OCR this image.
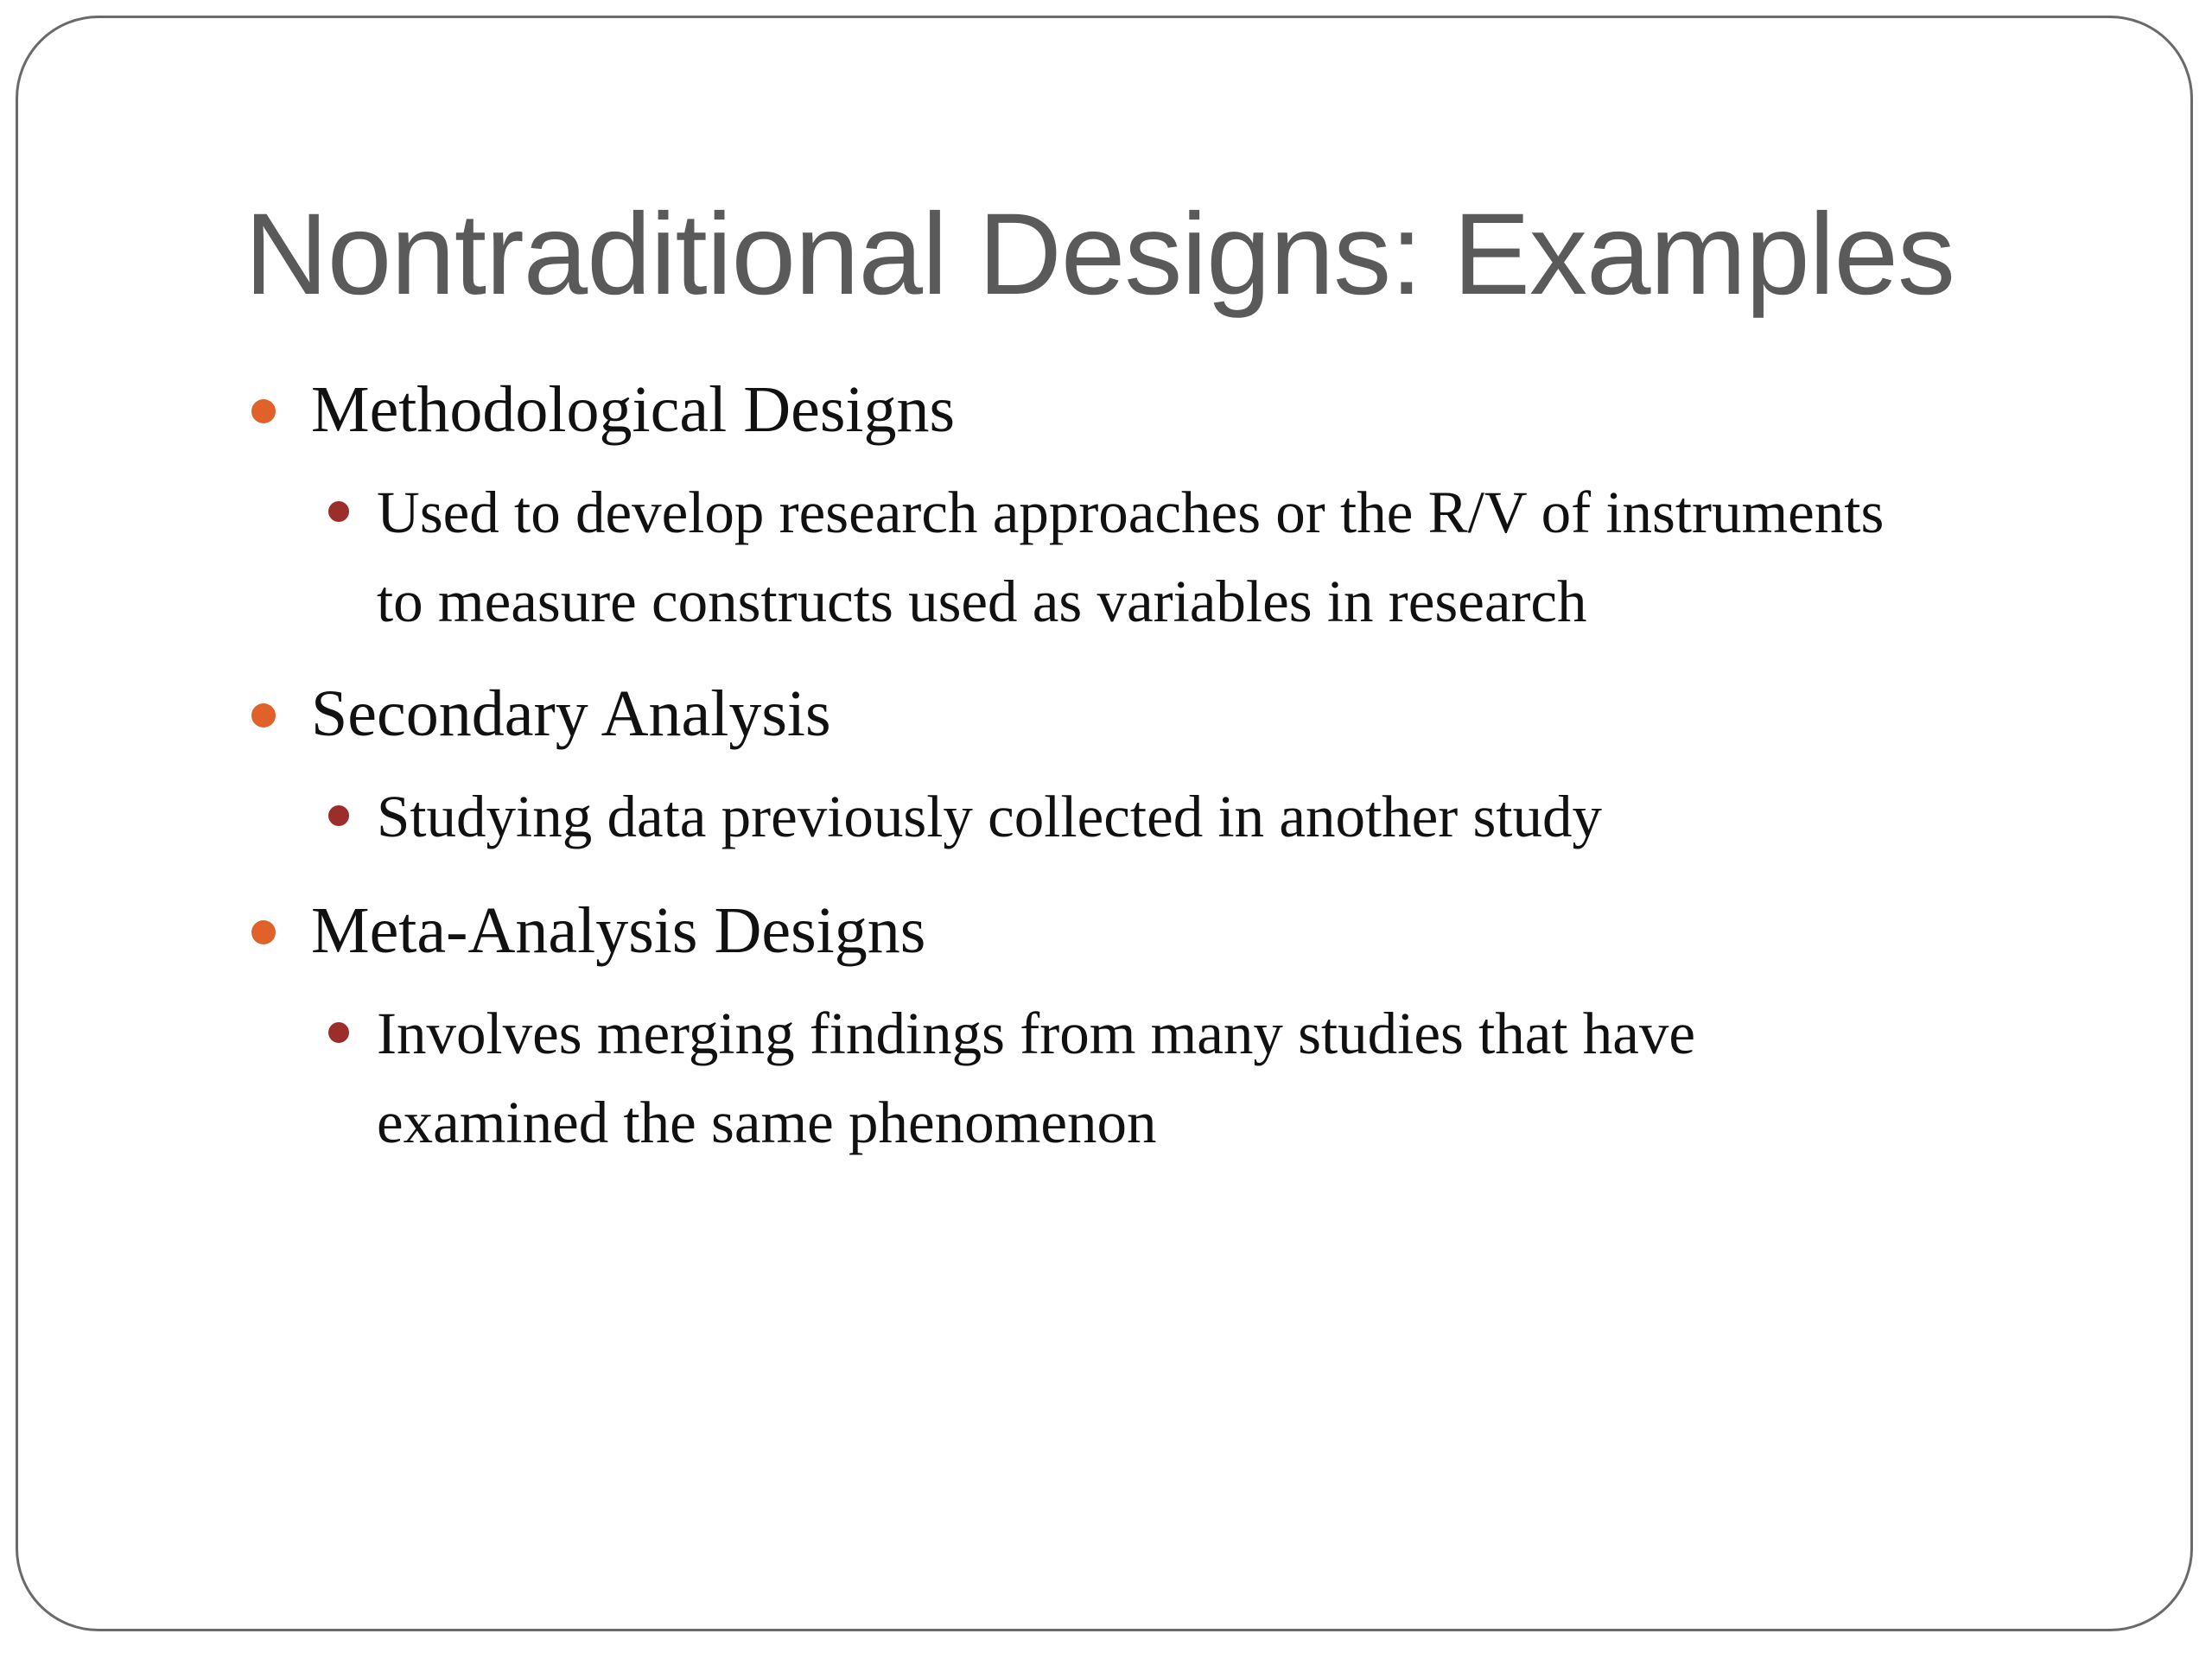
Nontraditional Designs: Examples
Methodological Designs
Used to develop research approaches or the R/V of instruments
to measure constructs used as variables in research
Secondary Analysis
Studying data previously collected in another study
Meta-Analysis Designs
Involves merging findings from many studies that have
examined the same phenomenon
